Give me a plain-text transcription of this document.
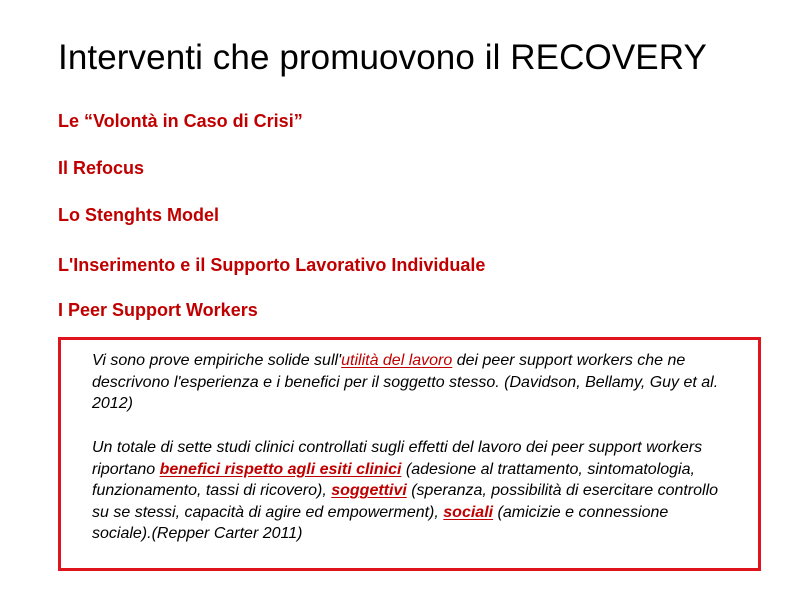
Interventi che promuovono il RECOVERY
Le “Volontà in Caso di Crisi”
Il Refocus
Lo Stenghts Model
L'Inserimento e il Supporto Lavorativo Individuale
I Peer Support Workers
Vi sono prove empiriche solide sull'utilità del lavoro dei peer support workers che ne descrivono l'esperienza e i benefici per il soggetto stesso. (Davidson, Bellamy, Guy et al. 2012)
Un totale di sette studi clinici controllati sugli effetti del lavoro dei peer support workers riportano benefici rispetto agli esiti clinici (adesione al trattamento, sintomatologia, funzionamento, tassi di ricovero), soggettivi (speranza, possibilità di esercitare controllo su se stessi, capacità di agire ed empowerment), sociali (amicizie e connessione sociale).(Repper Carter 2011)
